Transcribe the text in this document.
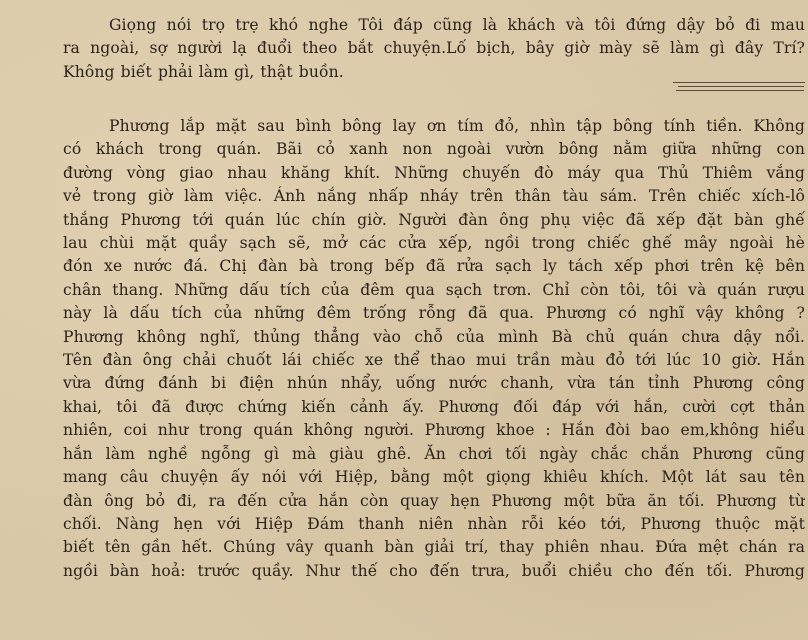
Giọng nói trọ trẹ khó nghe Tôi đáp cũng là khách và tôi đứng dậy bỏ đi mau
ra ngoài, sợ người lạ đuổi theo bắt chuyện.Lố bịch, bây giờ mày sẽ làm gì đây Trí?
Không biết phải làm gì, thật buồn.
Phương lắp mặt sau bình bông lay ơn tím đỏ, nhìn tập bông tính tiền. Không
có khách trong quán. Bãi cỏ xanh non ngoài vườn bông nằm giữa những con
đường vòng giao nhau khăng khít. Những chuyến đò máy qua Thủ Thiêm vắng
vẻ trong giờ làm việc. Ánh nắng nhấp nháy trên thân tàu sám. Trên chiếc xích-lô
thắng Phương tới quán lúc chín giờ. Người đàn ông phụ việc đã xếp đặt bàn ghế
lau chùi mặt quầy sạch sẽ, mở các cửa xếp, ngồi trong chiếc ghế mây ngoài hè
đón xe nước đá. Chị đàn bà trong bếp đã rửa sạch ly tách xếp phơi trên kệ bên
chân thang. Những dấu tích của đêm qua sạch trơn. Chỉ còn tôi, tôi và quán rượu
này là dấu tích của những đêm trống rỗng đã qua. Phương có nghĩ vậy không ?
Phương không nghĩ, thủng thẳng vào chỗ của mình Bà chủ quán chưa dậy nổi.
Tên đàn ông chải chuốt lái chiếc xe thể thao mui trần màu đỏ tới lúc 10 giờ. Hắn
vừa đứng đánh bi điện nhún nhẩy, uống nước chanh, vừa tán tỉnh Phương công
khai, tôi đã được chứng kiến cảnh ấy. Phương đối đáp với hắn, cười cợt thản
nhiên, coi như trong quán không người. Phương khoe : Hắn đòi bao em,không hiểu
hắn làm nghề ngỗng gì mà giàu ghê. Ăn chơi tối ngày chắc chắn Phương cũng
mang câu chuyện ấy nói với Hiệp, bằng một giọng khiêu khích. Một lát sau tên
đàn ông bỏ đi, ra đến cửa hắn còn quay hẹn Phương một bữa ăn tối. Phương từ
chối. Nàng hẹn với Hiệp Đám thanh niên nhàn rỗi kéo tới, Phương thuộc mặt
biết tên gần hết. Chúng vây quanh bàn giải trí, thay phiên nhau. Đứa mệt chán ra
ngồi bàn hoả: trước quầy. Như thế cho đến trưa, buổi chiều cho đến tối. Phương
